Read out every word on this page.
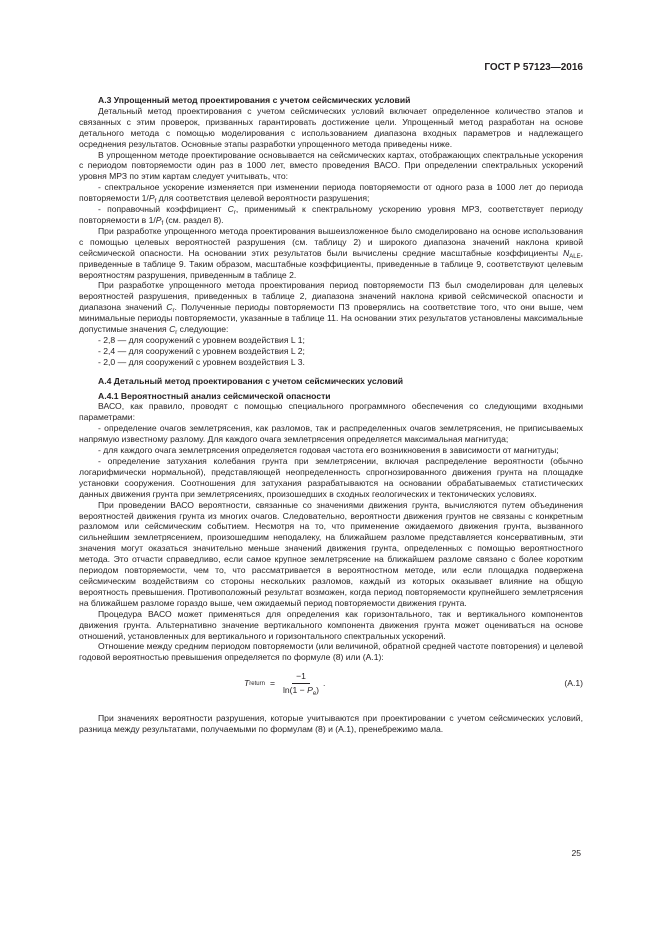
ГОСТ Р 57123—2016

А.3 Упрощенный метод проектирования с учетом сейсмических условий

Детальный метод проектирования с учетом сейсмических условий включает определенное количество этапов и связанных с этим проверок, призванных гарантировать достижение цели. Упрощенный метод разработан на основе детального метода с помощью моделирования с использованием диапазона входных параметров и надлежащего осреднения результатов. Основные этапы разработки упрощенного метода приведены ниже.

В упрощенном методе проектирование основывается на сейсмических картах, отображающих спектральные ускорения с периодом повторяемости один раз в 1000 лет, вместо проведения ВАСО. При определении спектральных ускорений уровня МРЗ по этим картам следует учитывать, что:

- спектральное ускорение изменяется при изменении периода повторяемости от одного раза в 1000 лет до периода повторяемости $1/P_f$ для соответствия целевой вероятности разрушения;

- поправочный коэффициент $C_r$, применимый к спектральному ускорению уровня МРЗ, соответствует периоду повторяемости в $1/P_f$ (см. раздел 8).

При разработке упрощенного метода проектирования вышеизложенное было смоделировано на основе использования с помощью целевых вероятностей разрушения (см. таблицу 2) и широкого диапазона значений наклона кривой сейсмической опасности. На основании этих результатов были вычислены средние масштабные коэффициенты $N_{ALE}$, приведенные в таблице 9. Таким образом, масштабные коэффициенты, приведенные в таблице 9, соответствуют целевым вероятностям разрушения, приведенным в таблице 2.

При разработке упрощенного метода проектирования период повторяемости ПЗ был смоделирован для целевых вероятностей разрушения, приведенных в таблице 2, диапазона значений наклона кривой сейсмической опасности и диапазона значений $C_r$. Полученные периоды повторяемости ПЗ проверялись на соответствие того, что они выше, чем минимальные периоды повторяемости, указанные в таблице 11. На основании этих результатов установлены максимальные допустимые значения $C_r$ следующие:

- 2,8 — для сооружений с уровнем воздействия L 1;

- 2,4 — для сооружений с уровнем воздействия L 2;

- 2,0 — для сооружений с уровнем воздействия L 3.

А.4 Детальный метод проектирования с учетом сейсмических условий

А.4.1 Вероятностный анализ сейсмической опасности

ВАСО, как правило, проводят с помощью специального программного обеспечения со следующими входными параметрами:

- определение очагов землетрясения, как разломов, так и распределенных очагов землетрясения, не приписываемых напрямую известному разлому. Для каждого очага землетрясения определяется максимальная магнитуда;

- для каждого очага землетрясения определяется годовая частота его возникновения в зависимости от магнитуды;

- определение затухания колебания грунта при землетрясении, включая распределение вероятности (обычно логарифмически нормальной), представляющей неопределенность спрогнозированного движения грунта на площадке установки сооружения. Соотношения для затухания разрабатываются на основании обрабатываемых статистических данных движения грунта при землетрясениях, произошедших в сходных геологических и тектонических условиях.

При проведении ВАСО вероятности, связанные со значениями движения грунта, вычисляются путем объединения вероятностей движения грунта из многих очагов. Следовательно, вероятности движения грунтов не связаны с конкретным разломом или сейсмическим событием. Несмотря на то, что применение ожидаемого движения грунта, вызванного сильнейшим землетрясением, произошедшим неподалеку, на ближайшем разломе представляется консервативным, эти значения могут оказаться значительно меньше значений движения грунта, определенных с помощью вероятностного метода. Это отчасти справедливо, если самое крупное землетрясение на ближайшем разломе связано с более коротким периодом повторяемости, чем то, что рассматривается в вероятностном методе, или если площадка подвержена сейсмическим воздействиям со стороны нескольких разломов, каждый из которых оказывает влияние на общую вероятность превышения. Противоположный результат возможен, когда период повторяемости крупнейшего землетрясения на ближайшем разломе гораздо выше, чем ожидаемый период повторяемости движения грунта.

Процедура ВАСО может применяться для определения как горизонтального, так и вертикального компонентов движения грунта. Альтернативно значение вертикального компонента движения грунта может оцениваться на основе отношений, установленных для вертикального и горизонтального спектральных ускорений.

Отношение между средним периодом повторяемости (или величиной, обратной средней частоте повторения) и целевой годовой вероятностью превышения определяется по формуле (8) или (А.1):

T return = $\frac{-1}{\ln(1 - P_e)}$ .	(А.1)

При значениях вероятности разрушения, которые учитываются при проектировании с учетом сейсмических условий, разница между результатами, получаемыми по формулам (8) и (А.1), пренебрежимо мала.

25
